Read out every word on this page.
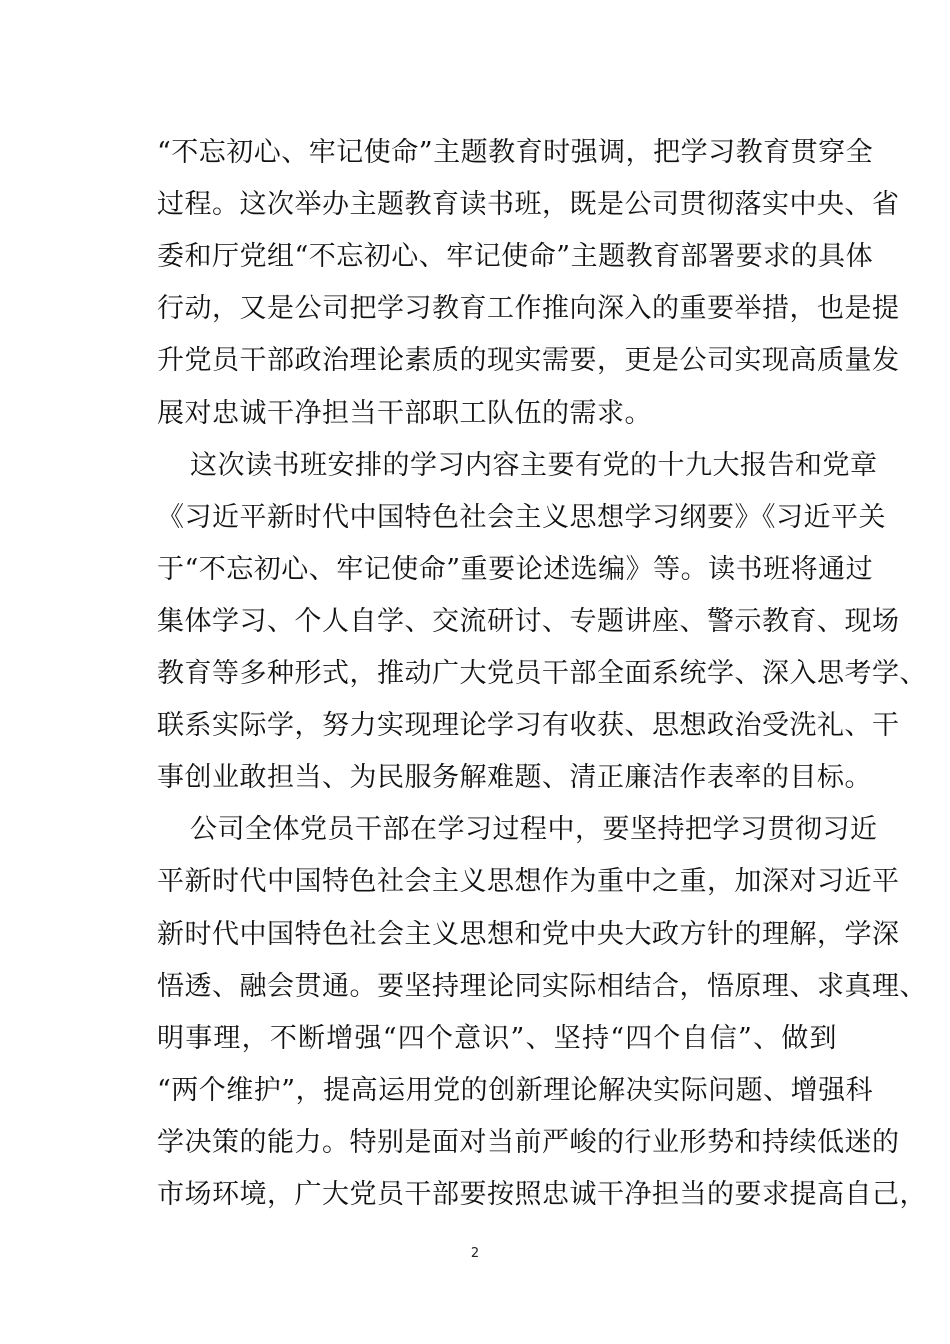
“不忘初心、牢记使命”主题教育时强调，把学习教育贯穿全
过程。这次举办主题教育读书班，既是公司贯彻落实中央、省
委和厅党组“不忘初心、牢记使命”主题教育部署要求的具体
行动，又是公司把学习教育工作推向深入的重要举措，也是提
升党员干部政治理论素质的现实需要，更是公司实现高质量发
展对忠诚干净担当干部职工队伍的需求。
这次读书班安排的学习内容主要有党的十九大报告和党章
《习近平新时代中国特色社会主义思想学习纲要》《习近平关
于“不忘初心、牢记使命”重要论述选编》等。读书班将通过
集体学习、个人自学、交流研讨、专题讲座、警示教育、现场
教育等多种形式，推动广大党员干部全面系统学、深入思考学、
联系实际学，努力实现理论学习有收获、思想政治受洗礼、干
事创业敢担当、为民服务解难题、清正廉洁作表率的目标。
公司全体党员干部在学习过程中，要坚持把学习贯彻习近
平新时代中国特色社会主义思想作为重中之重，加深对习近平
新时代中国特色社会主义思想和党中央大政方针的理解，学深
悟透、融会贯通。要坚持理论同实际相结合，悟原理、求真理、
明事理，不断增强“四个意识”、坚持“四个自信”、做到
“两个维护”，提高运用党的创新理论解决实际问题、增强科
学决策的能力。特别是面对当前严峻的行业形势和持续低迷的
市场环境，广大党员干部要按照忠诚干净担当的要求提高自己，
2
